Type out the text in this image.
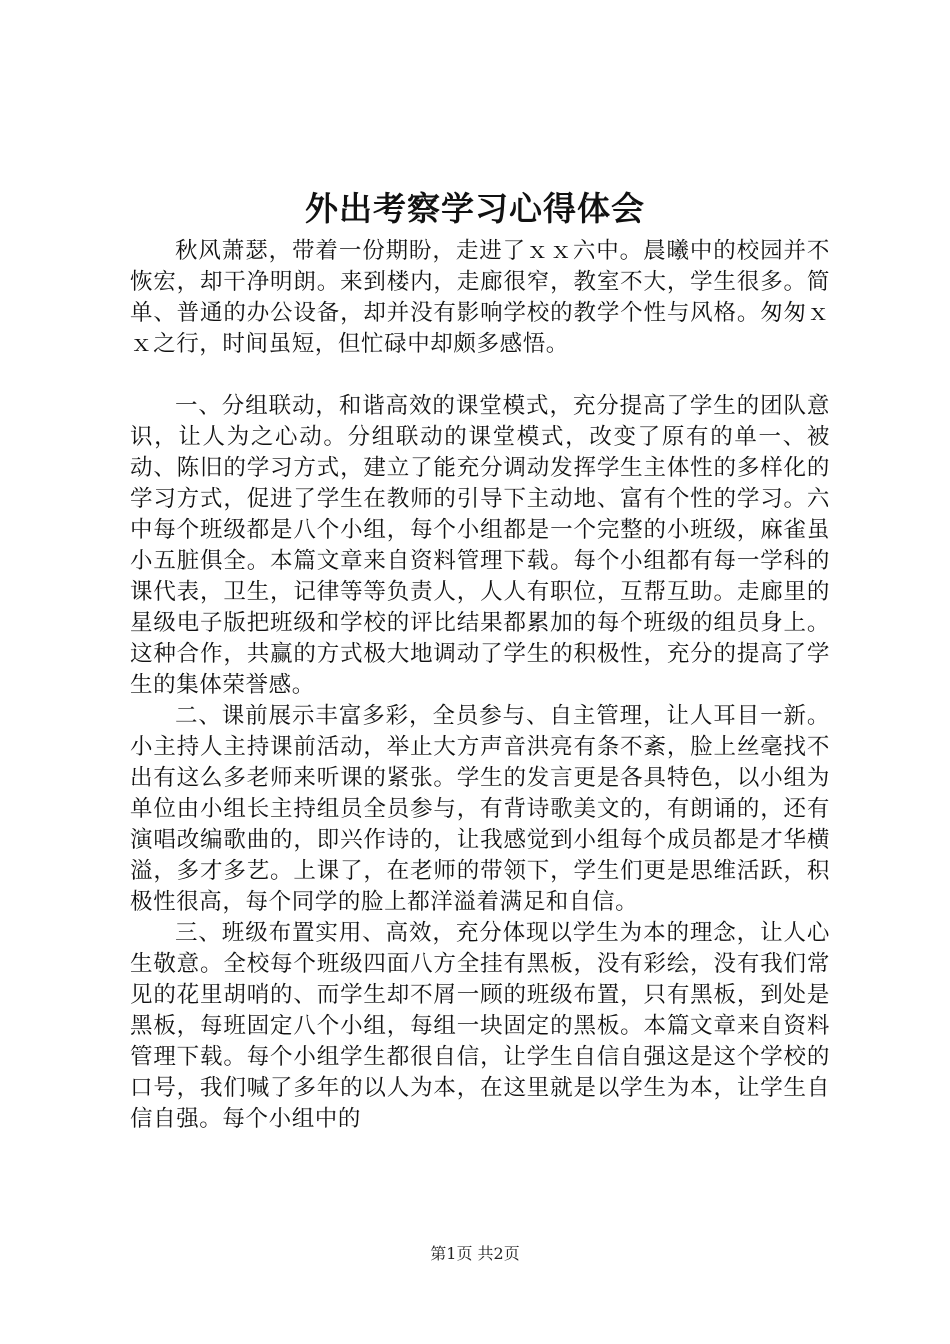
外出考察学习心得体会

秋风萧瑟，带着一份期盼，走进了ｘｘ六中。晨曦中的校园并不恢宏，却干净明朗。来到楼内，走廊很窄，教室不大，学生很多。简单、普通的办公设备，却并没有影响学校的教学个性与风格。匆匆ｘｘ之行，时间虽短，但忙碌中却颇多感悟。

一、分组联动，和谐高效的课堂模式，充分提高了学生的团队意识，让人为之心动。分组联动的课堂模式，改变了原有的单一、被动、陈旧的学习方式，建立了能充分调动发挥学生主体性的多样化的学习方式，促进了学生在教师的引导下主动地、富有个性的学习。六中每个班级都是八个小组，每个小组都是一个完整的小班级，麻雀虽小五脏俱全。本篇文章来自资料管理下载。每个小组都有每一学科的课代表，卫生，记律等等负责人，人人有职位，互帮互助。走廊里的星级电子版把班级和学校的评比结果都累加的每个班级的组员身上。这种合作，共赢的方式极大地调动了学生的积极性，充分的提高了学生的集体荣誉感。

二、课前展示丰富多彩，全员参与、自主管理，让人耳目一新。小主持人主持课前活动，举止大方声音洪亮有条不紊，脸上丝毫找不出有这么多老师来听课的紧张。学生的发言更是各具特色，以小组为单位由小组长主持组员全员参与，有背诗歌美文的，有朗诵的，还有演唱改编歌曲的，即兴作诗的，让我感觉到小组每个成员都是才华横溢，多才多艺。上课了，在老师的带领下，学生们更是思维活跃，积极性很高，每个同学的脸上都洋溢着满足和自信。

三、班级布置实用、高效，充分体现以学生为本的理念，让人心生敬意。全校每个班级四面八方全挂有黑板，没有彩绘，没有我们常见的花里胡哨的、而学生却不屑一顾的班级布置，只有黑板，到处是黑板，每班固定八个小组，每组一块固定的黑板。本篇文章来自资料管理下载。每个小组学生都很自信，让学生自信自强这是这个学校的口号，我们喊了多年的以人为本，在这里就是以学生为本，让学生自信自强。每个小组中的

第1页 共2页
